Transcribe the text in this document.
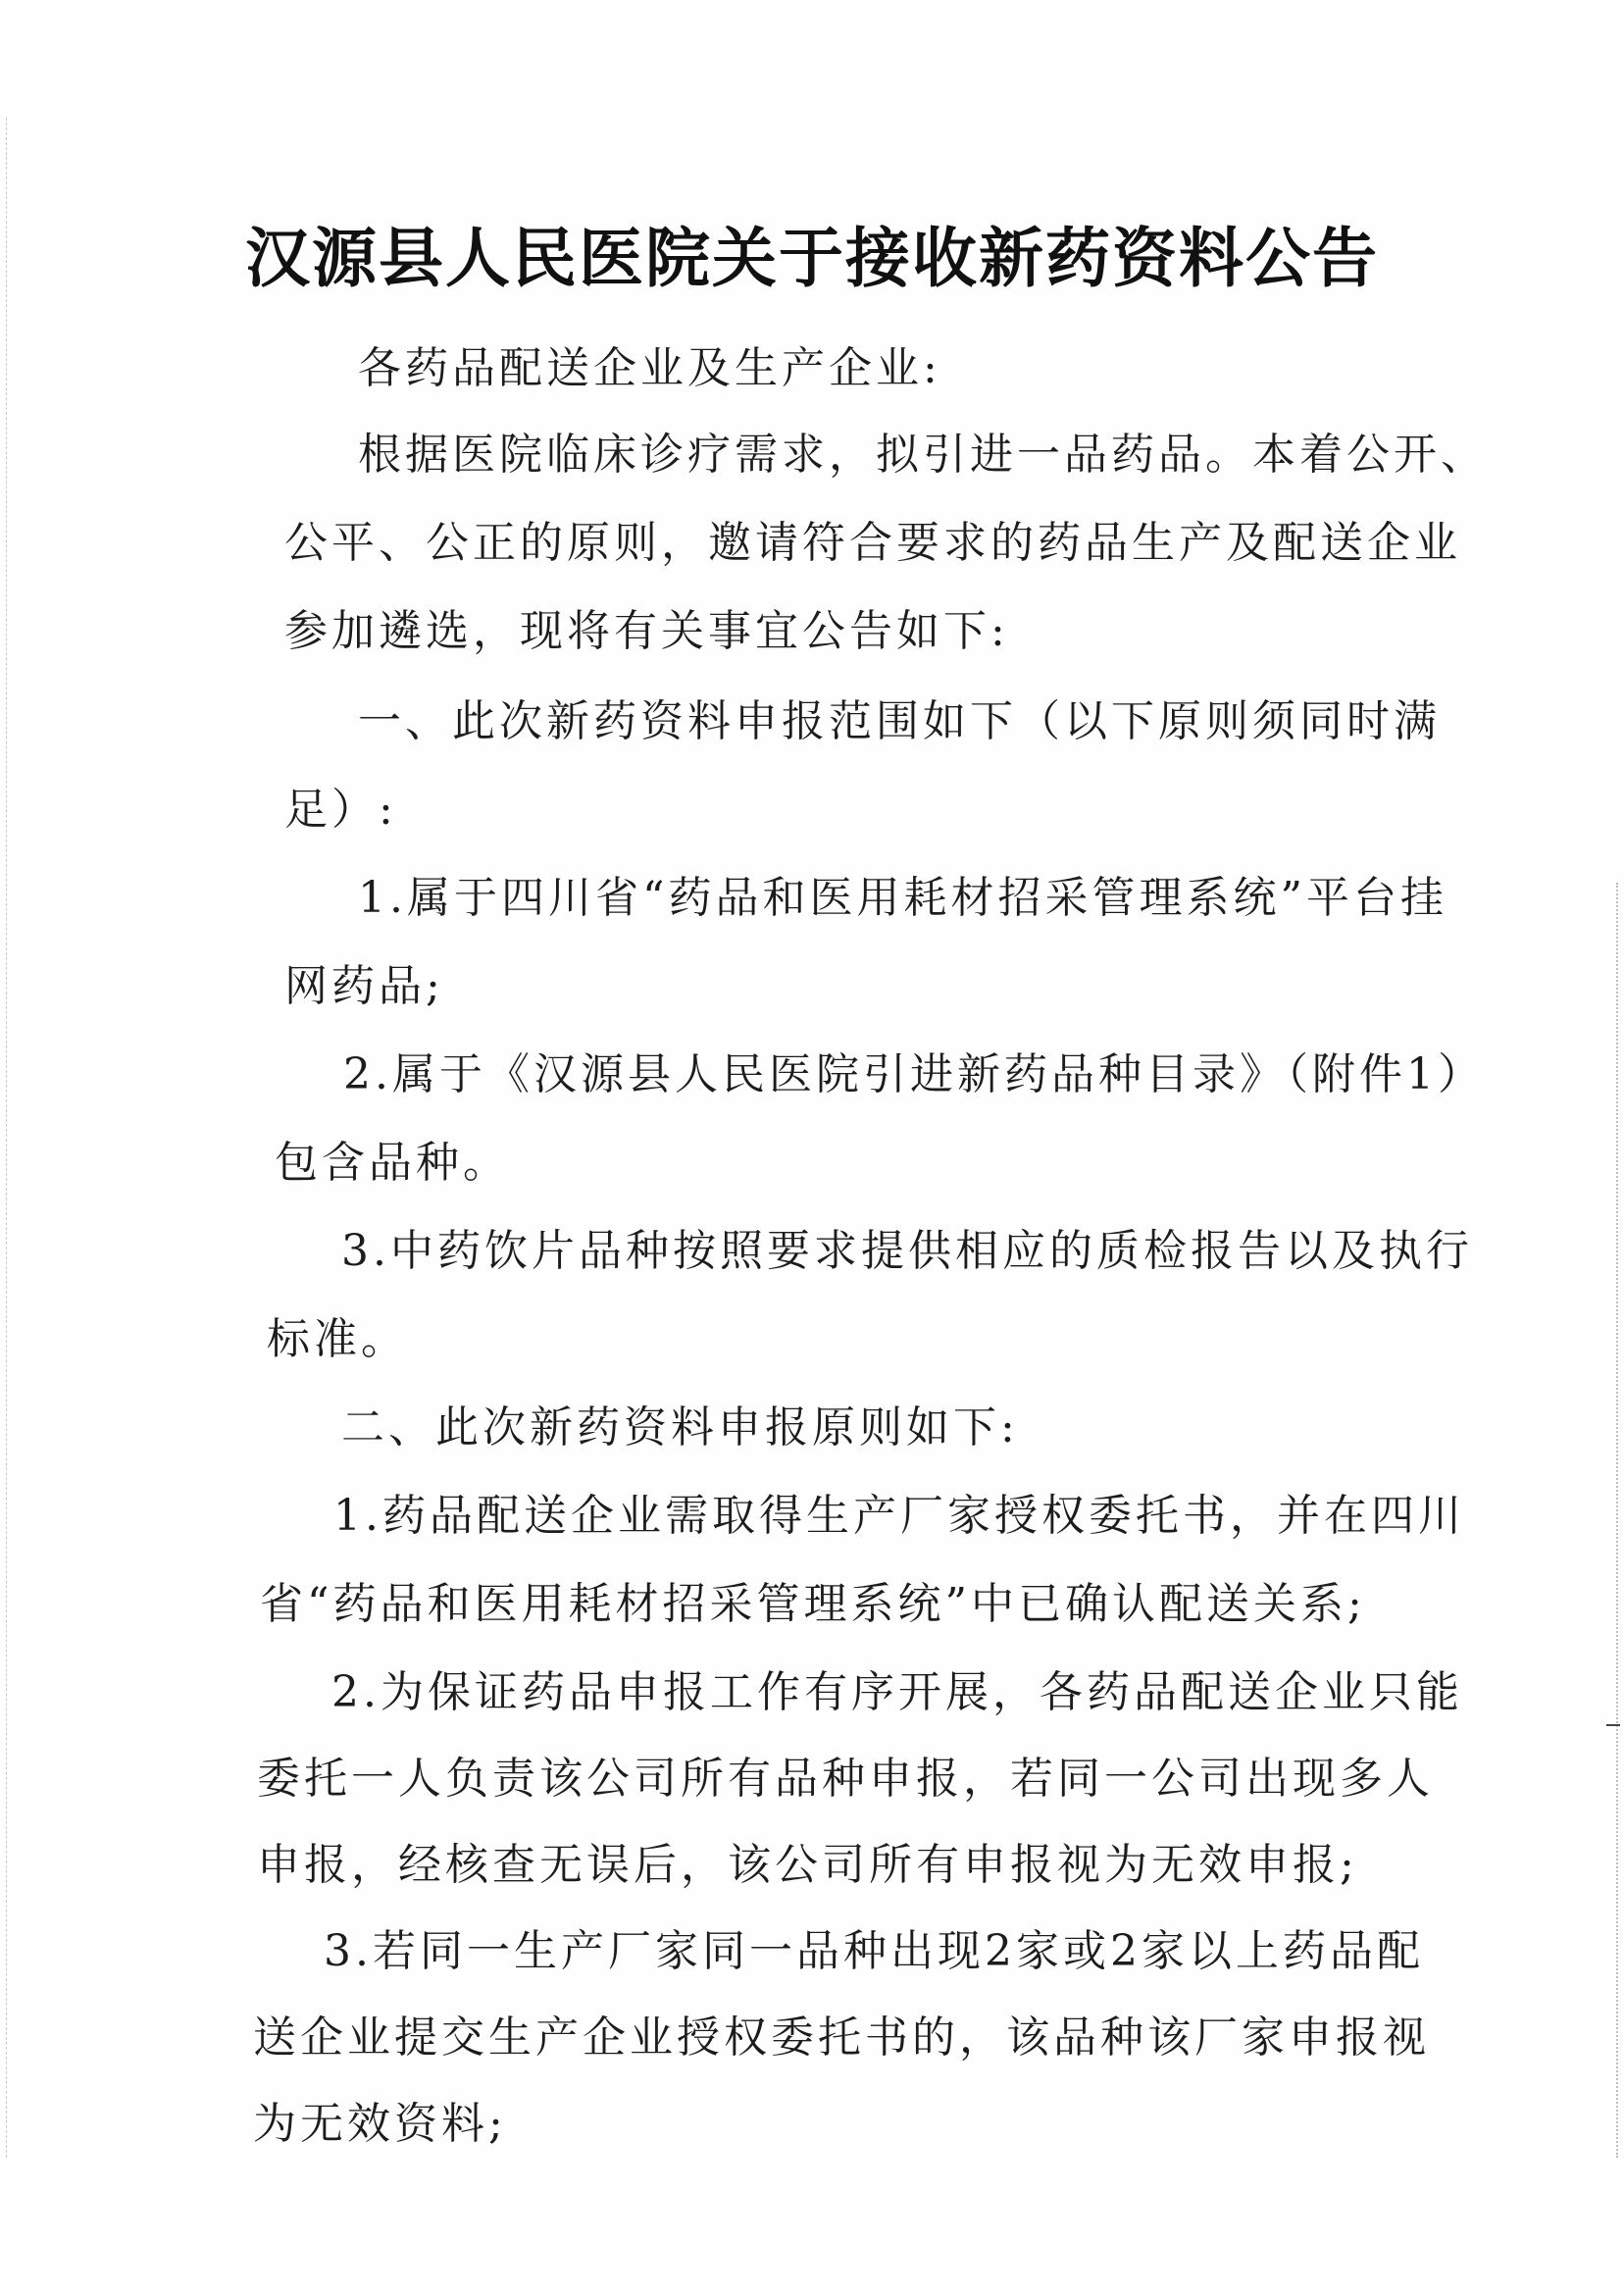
汉源县人民医院关于接收新药资料公告
各药品配送企业及生产企业:
根据医院临床诊疗需求，拟引进一品药品。本着公开、
公平、公正的原则，邀请符合要求的药品生产及配送企业
参加遴选，现将有关事宜公告如下:
一、此次新药资料申报范围如下（以下原则须同时满
足）:
1.属于四川省“药品和医用耗材招采管理系统”平台挂
网药品;
2.属于《汉源县人民医院引进新药品种目录》（附件1）
包含品种。
3.中药饮片品种按照要求提供相应的质检报告以及执行
标准。
二、此次新药资料申报原则如下:
1.药品配送企业需取得生产厂家授权委托书，并在四川
省“药品和医用耗材招采管理系统”中已确认配送关系;
2.为保证药品申报工作有序开展，各药品配送企业只能
委托一人负责该公司所有品种申报，若同一公司出现多人
申报，经核查无误后，该公司所有申报视为无效申报;
3.若同一生产厂家同一品种出现2家或2家以上药品配
送企业提交生产企业授权委托书的，该品种该厂家申报视
为无效资料;
